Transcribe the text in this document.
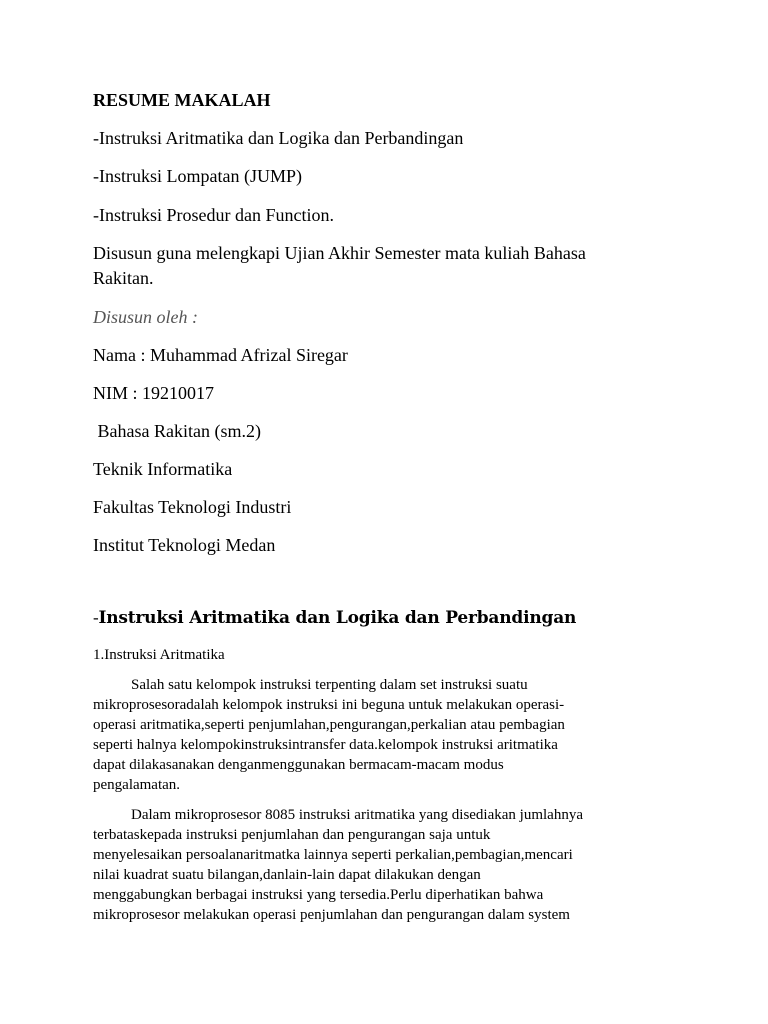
RESUME MAKALAH
-Instruksi Aritmatika dan Logika dan Perbandingan
-Instruksi Lompatan (JUMP)
-Instruksi Prosedur dan Function.
Disusun guna melengkapi Ujian Akhir Semester mata kuliah Bahasa
Rakitan.
Disusun oleh :
Nama : Muhammad Afrizal Siregar
NIM : 19210017
Bahasa Rakitan (sm.2)
Teknik Informatika
Fakultas Teknologi Industri
Institut Teknologi Medan
-Instruksi Aritmatika dan Logika dan Perbandingan
1.Instruksi Aritmatika
Salah satu kelompok instruksi terpenting dalam set instruksi suatu
mikroprosesoradalah kelompok instruksi ini beguna untuk melakukan operasi-
operasi aritmatika,seperti penjumlahan,pengurangan,perkalian atau pembagian
seperti halnya kelompokinstruksintransfer data.kelompok instruksi aritmatika
dapat dilakasanakan denganmenggunakan bermacam-macam modus
pengalamatan.
Dalam mikroprosesor 8085 instruksi aritmatika yang disediakan jumlahnya
terbataskepada instruksi penjumlahan dan pengurangan saja untuk
menyelesaikan persoalanaritmatka lainnya seperti perkalian,pembagian,mencari
nilai kuadrat suatu bilangan,danlain-lain dapat dilakukan dengan
menggabungkan berbagai instruksi yang tersedia.Perlu diperhatikan bahwa
mikroprosesor melakukan operasi penjumlahan dan pengurangan dalam system
